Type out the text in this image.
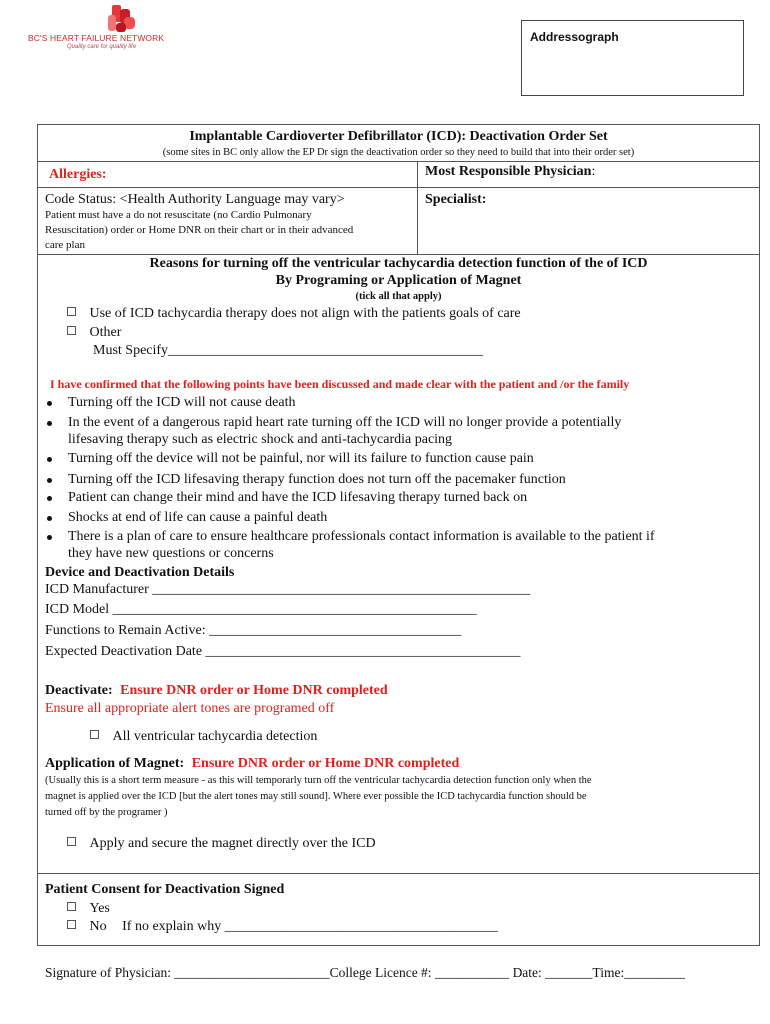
BC'S HEART FAILURE NETWORK
Quality care for quality life
Addressograph
Implantable Cardioverter Defibrillator (ICD): Deactivation Order Set
(some sites in BC only allow the EP Dr sign the deactivation order so they need to build that into their order set)
Allergies:	Most Responsible Physician:
Code Status: <Health Authority Language may vary>	Specialist:
Patient must have a do not resuscitate (no Cardio Pulmonary
Resuscitation) order or Home DNR on their chart or in their advanced
care plan
Reasons for turning off the ventricular tachycardia detection function of the of ICD
By Programing or Application of Magnet
(tick all that apply)
Use of ICD tachycardia therapy does not align with the patients goals of care
Other
Must Specify_____________________________________________
I have confirmed that the following points have been discussed and made clear with the patient and /or the family
Turning off the ICD will not cause death
In the event of a dangerous rapid heart rate turning off the ICD will no longer provide a potentially
lifesaving therapy such as electric shock and anti-tachycardia pacing
Turning off the device will not be painful, nor will its failure to function cause pain
Turning off the ICD lifesaving therapy function does not turn off the pacemaker function
Patient can change their mind and have the ICD lifesaving therapy turned back on
Shocks at end of life can cause a painful death
There is a plan of care to ensure healthcare professionals contact information is available to the patient if
they have new questions or concerns
Device and Deactivation Details
ICD Manufacturer ______________________________________________________
ICD Model ____________________________________________________
Functions to Remain Active: ____________________________________
Expected Deactivation Date _____________________________________________
Deactivate: Ensure DNR order or Home DNR completed
Ensure all appropriate alert tones are programed off
All ventricular tachycardia detection
Application of Magnet: Ensure DNR order or Home DNR completed
(Usually this is a short term measure - as this will temporarly turn off the ventricular tachycardia detection function only when the
magnet is applied over the ICD [but the alert tones may still sound]. Where ever possible the ICD tachycardia function should be
turned off by the programer )
Apply and secure the magnet directly over the ICD
Patient Consent for Deactivation Signed
Yes
No If no explain why _______________________________________
Signature of Physician: _______________________College Licence #: ___________ Date: _______Time:_________
